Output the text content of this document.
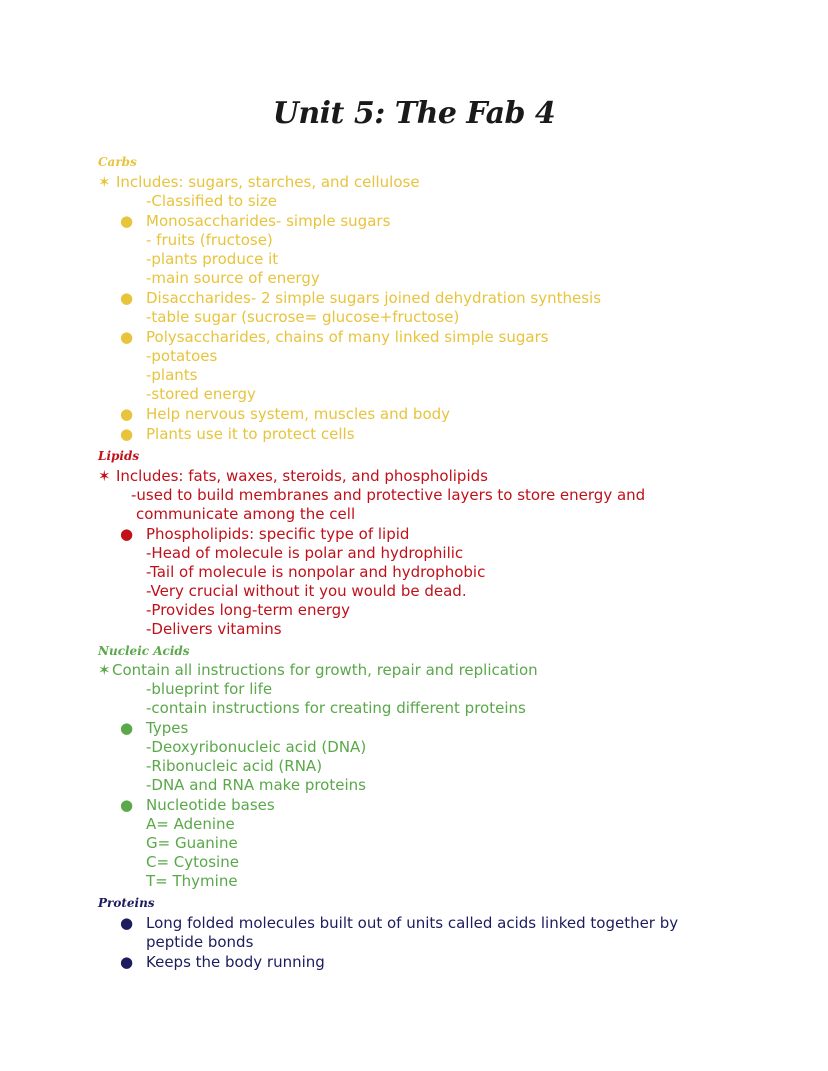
Unit 5: The Fab 4
Carbs
✶ Includes: sugars, starches, and cellulose
-Classified to size
● Monosaccharides- simple sugars
- fruits (fructose)
-plants produce it
-main source of energy
● Disaccharides- 2 simple sugars joined dehydration synthesis
-table sugar (sucrose= glucose+fructose)
● Polysaccharides, chains of many linked simple sugars
-potatoes
-plants
-stored energy
● Help nervous system, muscles and body
● Plants use it to protect cells
Lipids
✶ Includes: fats, waxes, steroids, and phospholipids
-used to build membranes and protective layers to store energy and
communicate among the cell
● Phospholipids: specific type of lipid
-Head of molecule is polar and hydrophilic
-Tail of molecule is nonpolar and hydrophobic
-Very crucial without it you would be dead.
-Provides long-term energy
-Delivers vitamins
Nucleic Acids
✶ Contain all instructions for growth, repair and replication
-blueprint for life
-contain instructions for creating different proteins
● Types
-Deoxyribonucleic acid (DNA)
-Ribonucleic acid (RNA)
-DNA and RNA make proteins
● Nucleotide bases
A= Adenine
G= Guanine
C= Cytosine
T= Thymine
Proteins
● Long folded molecules built out of units called acids linked together by
peptide bonds
● Keeps the body running
